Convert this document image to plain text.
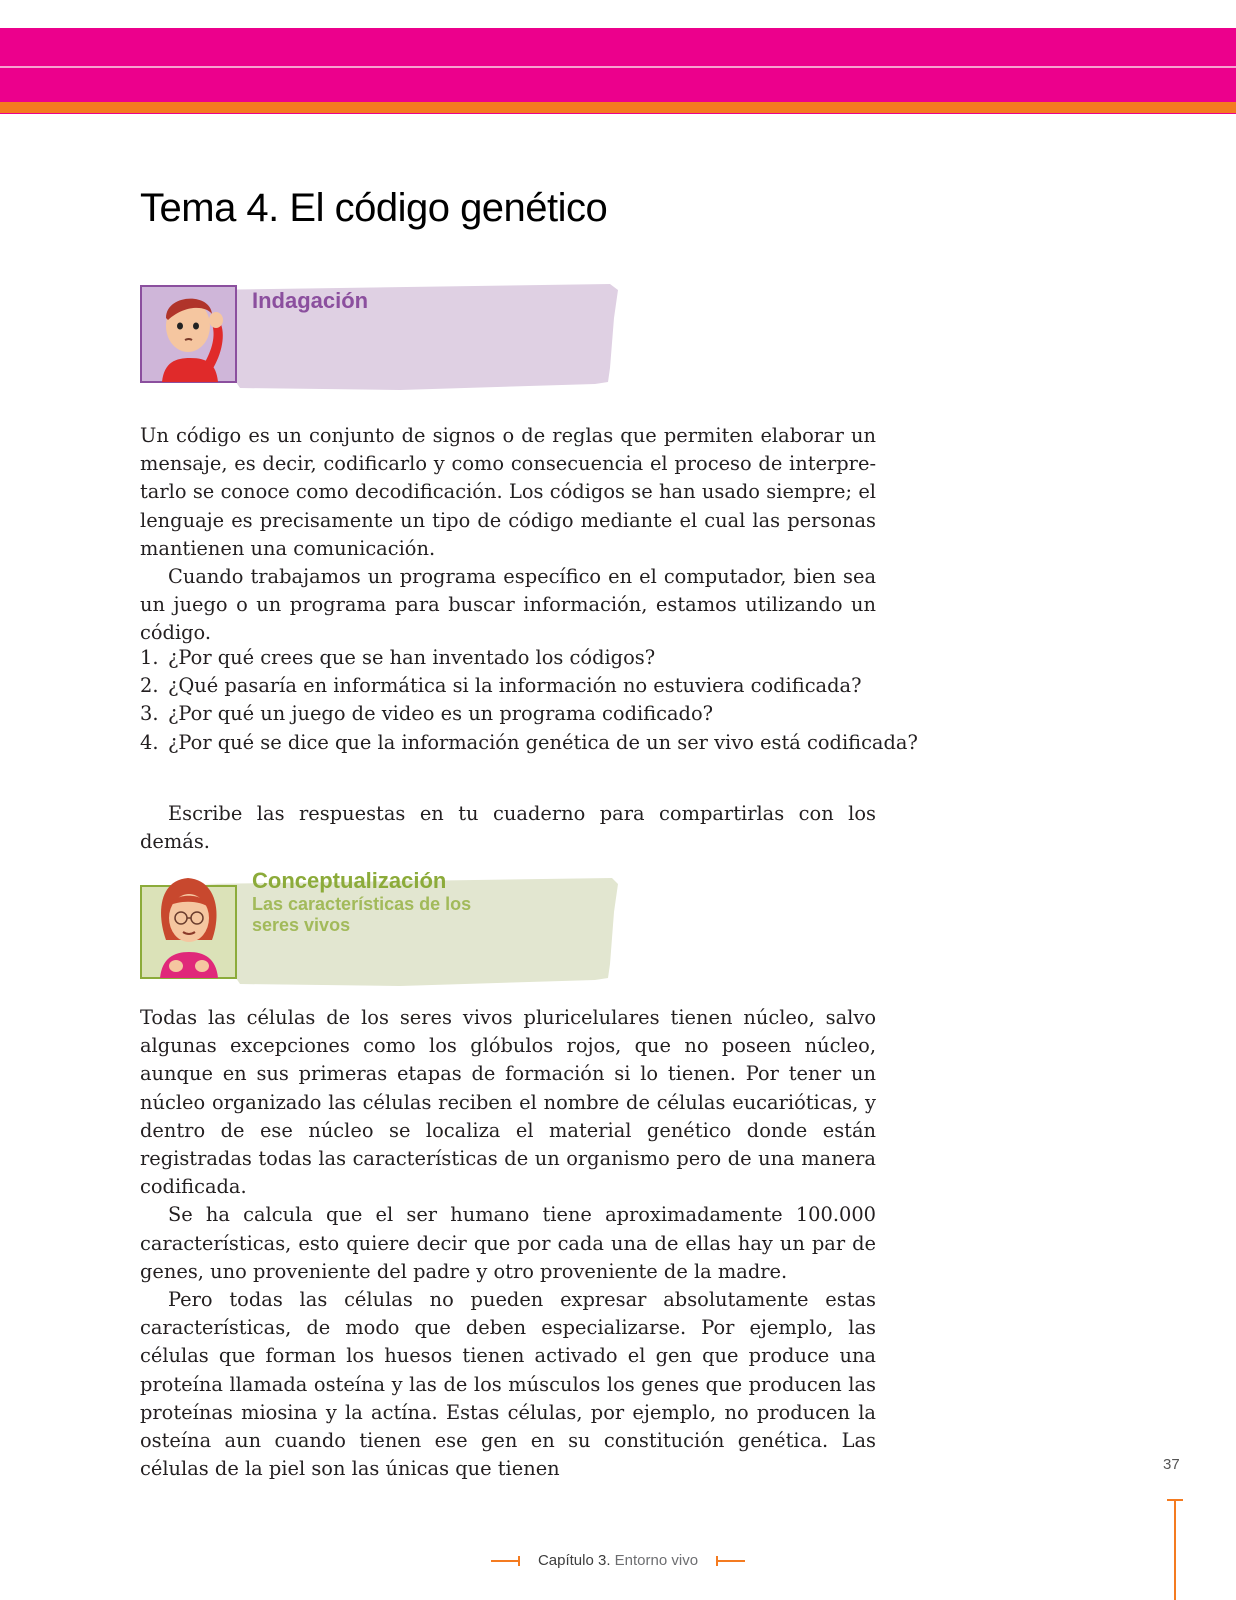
Tema 4. El código genético
Indagación

Un código es un conjunto de signos o de reglas que permiten elaborar un mensaje, es decir, codificarlo y como consecuencia el proceso de interpretarlo se conoce como decodificación. Los códigos se han usado siempre; el lenguaje es precisamente un tipo de código mediante el cual las personas mantienen una comunicación.

Cuando trabajamos un programa específico en el computador, bien sea un juego o un programa para buscar información, estamos utilizando un código.

1. ¿Por qué crees que se han inventado los códigos?
2. ¿Qué pasaría en informática si la información no estuviera codificada?
3. ¿Por qué un juego de video es un programa codificado?
4. ¿Por qué se dice que la información genética de un ser vivo está codificada?

Escribe las respuestas en tu cuaderno para compartirlas con los demás.

Conceptualización
Las características de los seres vivos

Todas las células de los seres vivos pluricelulares tienen núcleo, salvo algunas excepciones como los glóbulos rojos, que no poseen núcleo, aunque en sus primeras etapas de formación si lo tienen. Por tener un núcleo organizado las células reciben el nombre de células eucarióticas, y dentro de ese núcleo se localiza el material genético donde están registradas todas las características de un organismo pero de una manera codificada.

Se ha calcula que el ser humano tiene aproximadamente 100.000 características, esto quiere decir que por cada una de ellas hay un par de genes, uno proveniente del padre y otro proveniente de la madre.

Pero todas las células no pueden expresar absolutamente estas características, de modo que deben especializarse. Por ejemplo, las células que forman los huesos tienen activado el gen que produce una proteína llamada osteína y las de los músculos los genes que producen las proteínas miosina y la actína. Estas células, por ejemplo, no producen la osteína aun cuando tienen ese gen en su constitución genética. Las células de la piel son las únicas que tienen	37
Capítulo 3. Entorno vivo
